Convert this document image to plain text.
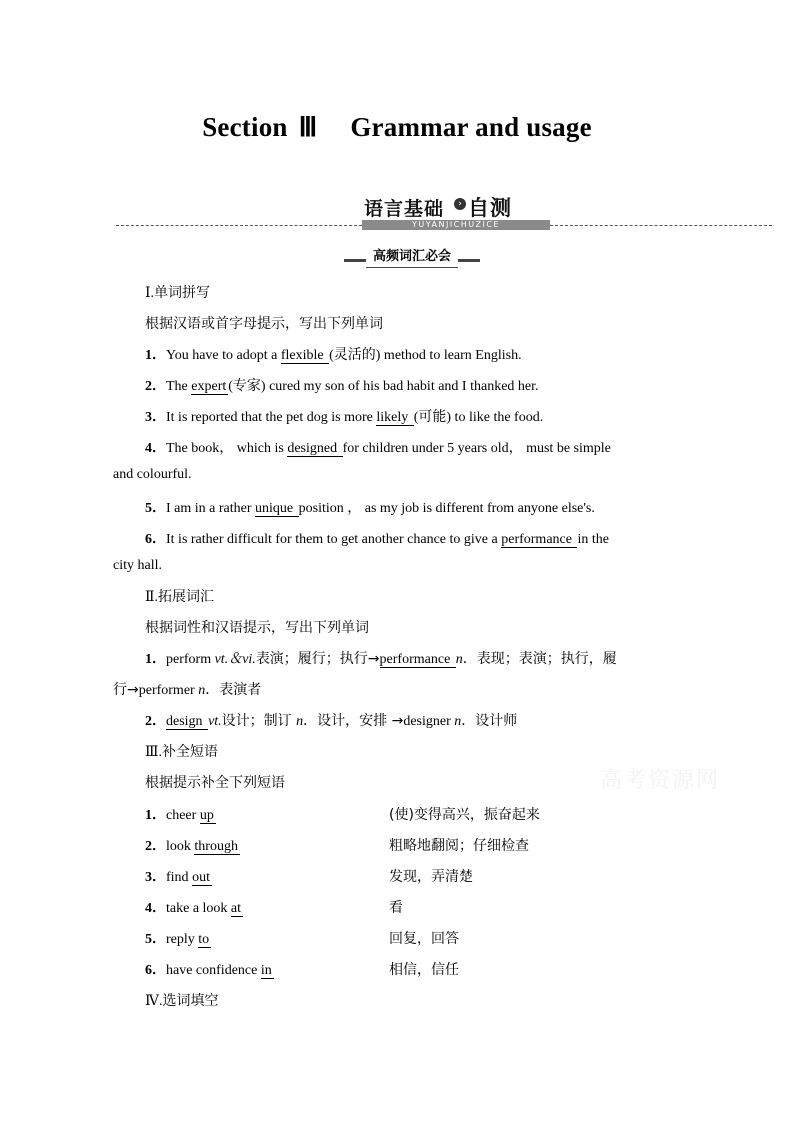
Section Ⅲ Grammar and usage
语言基础	› 自测
YUYANJICHUZICE
高频词汇必会
Ⅰ.单词拼写
根据汉语或首字母提示，写出下列单词
1．You have to adopt a flexible (灵活的) method to learn English.
2．The expert (专家) cured my son of his bad habit and I thanked her.
3．It is reported that the pet dog is more likely (可能) to like the food.
4．The book， which is designed for children under 5 years old， must be simple
and colourful.
5．I am in a rather unique position ， as my job is different from anyone else's.
6．It is rather difficult for them to get another chance to give a performance in the
city hall.
Ⅱ.拓展词汇
根据词性和汉语提示，写出下列单词
1．perform vt.＆vi.表演；履行；执行→performance n．表现；表演；执行，履
行→performer n．表演者
2．design vt.设计；制订 n．设计，安排 →designer n．设计师
Ⅲ.补全短语
根据提示补全下列短语
1．cheer up	(使)变得高兴，振奋起来
2．look through	粗略地翻阅；仔细检查
3．find out	发现，弄清楚
4．take a look at	看
5．reply to	回复，回答
6．have confidence in	相信，信任
Ⅳ.选词填空
高考资源网
